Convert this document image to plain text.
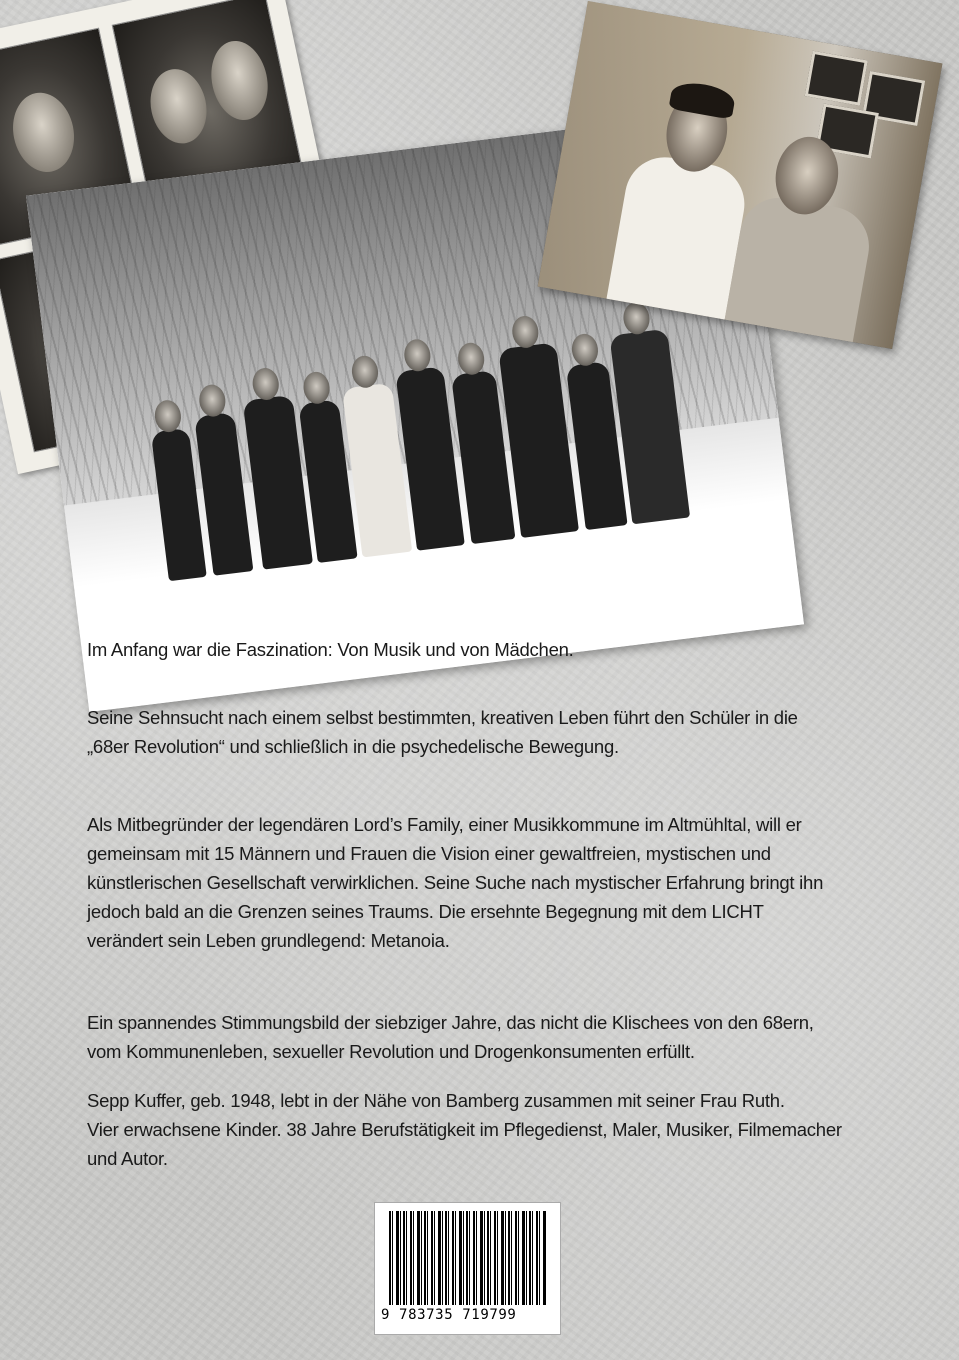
Im Anfang war die Faszination: Von Musik und von Mädchen.

Seine Sehnsucht nach einem selbst bestimmten, kreativen Leben führt den Schüler in die
„68er Revolution“ und schließlich in die psychedelische Bewegung.

Als Mitbegründer der legendären Lord’s Family, einer Musikkommune im Altmühltal, will er
gemeinsam mit 15 Männern und Frauen die Vision einer gewaltfreien, mystischen und
künstlerischen Gesellschaft verwirklichen. Seine Suche nach mystischer Erfahrung bringt ihn
jedoch bald an die Grenzen seines Traums. Die ersehnte Begegnung mit dem LICHT
verändert sein Leben grundlegend: Metanoia.

Ein spannendes Stimmungsbild der siebziger Jahre, das nicht die Klischees von den 68ern,
vom Kommunenleben, sexueller Revolution und Drogenkonsumenten erfüllt.

Sepp Kuffer, geb. 1948, lebt in der Nähe von Bamberg zusammen mit seiner Frau Ruth.
Vier erwachsene Kinder. 38 Jahre Berufstätigkeit im Pflegedienst, Maler, Musiker, Filmemacher
und Autor.

9 783735 719799
